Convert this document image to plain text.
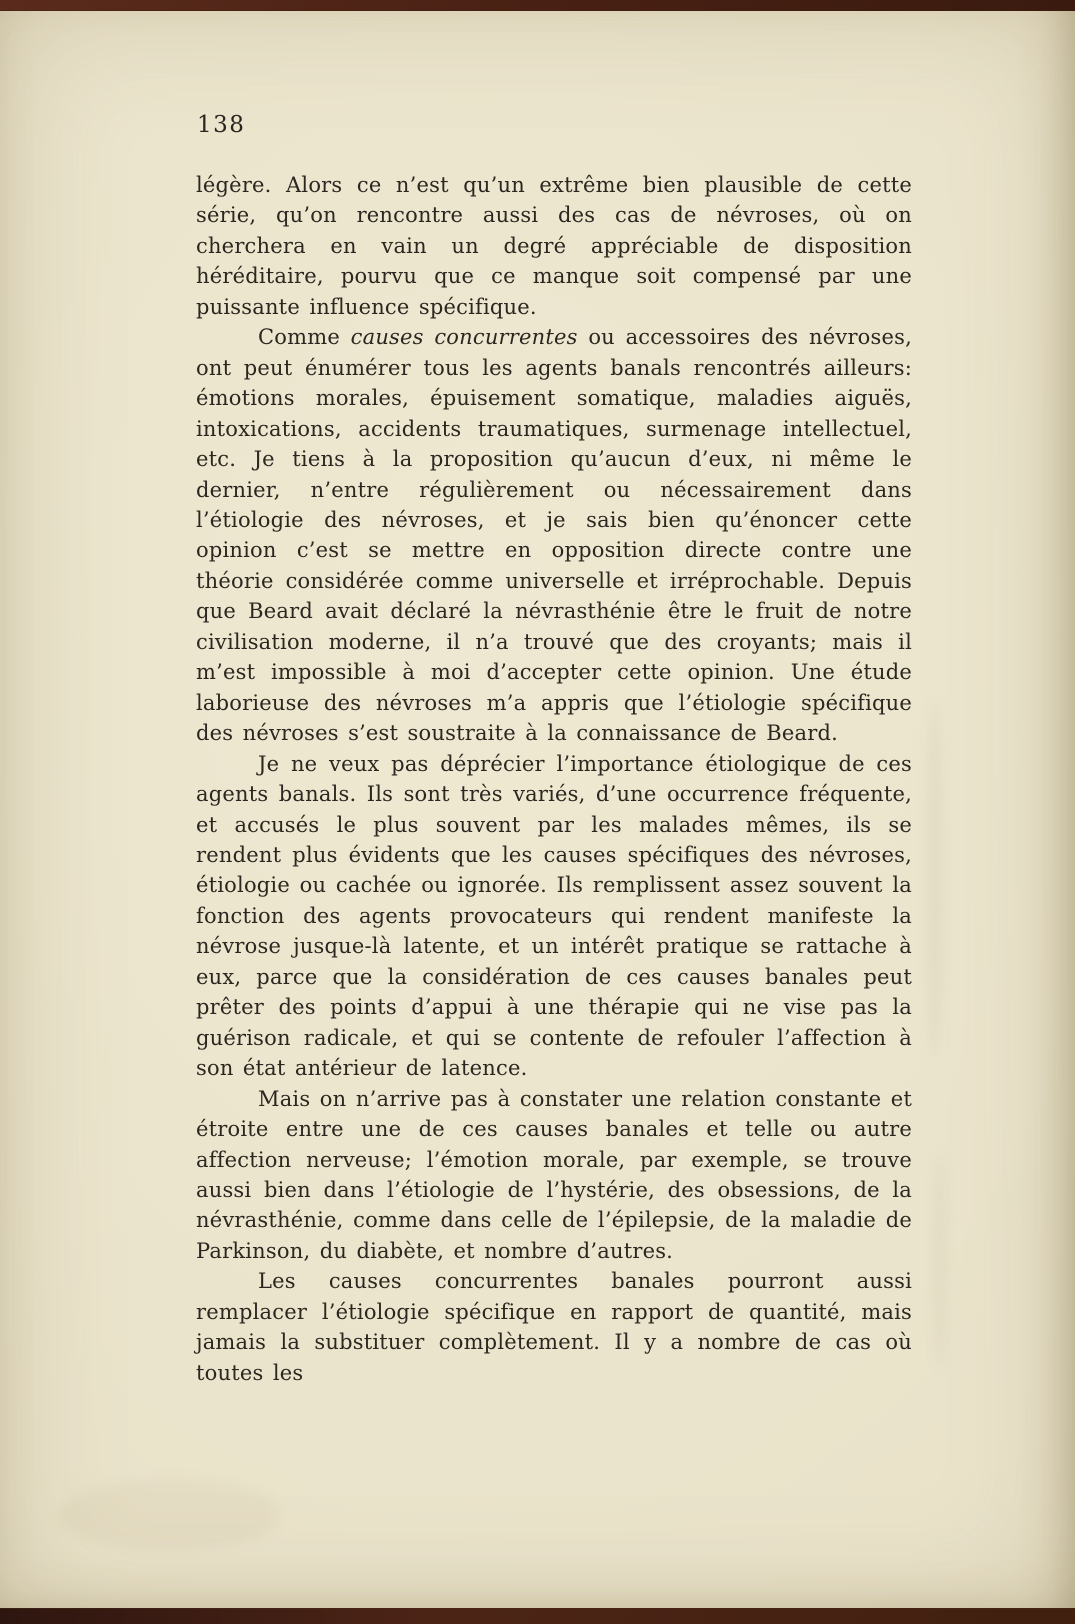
138

légère. Alors ce n’est qu’un extrême bien plausible de cette série, qu’on rencontre aussi des cas de névroses, où on cherchera en vain un degré appréciable de disposition héréditaire, pourvu que ce manque soit compensé par une puissante influence spécifique.

Comme causes concurrentes ou accessoires des névroses, ont peut énumérer tous les agents banals rencontrés ailleurs: émotions morales, épuisement somatique, maladies aiguës, intoxications, accidents traumatiques, surmenage intellectuel, etc. Je tiens à la proposition qu’aucun d’eux, ni même le dernier, n’entre régulièrement ou nécessairement dans l’étiologie des névroses, et je sais bien qu’énoncer cette opinion c’est se mettre en opposition directe contre une théorie considérée comme universelle et irréprochable. Depuis que Beard avait déclaré la névrasthénie être le fruit de notre civilisation moderne, il n’a trouvé que des croyants; mais il m’est impossible à moi d’accepter cette opinion. Une étude laborieuse des névroses m’a appris que l’étiologie spécifique des névroses s’est soustraite à la connaissance de Beard.

Je ne veux pas déprécier l’importance étiologique de ces agents banals. Ils sont très variés, d’une occurrence fréquente, et accusés le plus souvent par les malades mêmes, ils se rendent plus évidents que les causes spécifiques des névroses, étiologie ou cachée ou ignorée. Ils remplissent assez souvent la fonction des agents provocateurs qui rendent manifeste la névrose jusque-là latente, et un intérêt pratique se rattache à eux, parce que la considération de ces causes banales peut prêter des points d’appui à une thérapie qui ne vise pas la guérison radicale, et qui se contente de refouler l’affection à son état antérieur de latence.

Mais on n’arrive pas à constater une relation constante et étroite entre une de ces causes banales et telle ou autre affection nerveuse; l’émotion morale, par exemple, se trouve aussi bien dans l’étiologie de l’hystérie, des obsessions, de la névrasthénie, comme dans celle de l’épilepsie, de la maladie de Parkinson, du diabète, et nombre d’autres.

Les causes concurrentes banales pourront aussi remplacer l’étiologie spécifique en rapport de quantité, mais jamais la substituer complètement. Il y a nombre de cas où toutes les
